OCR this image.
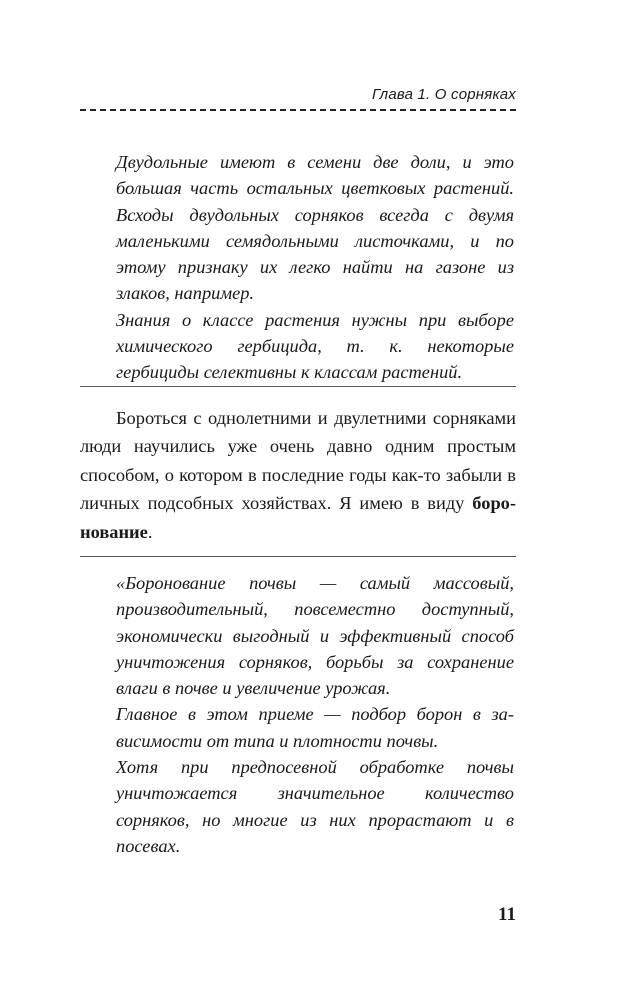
Глава 1. О сорняках

Двудольные имеют в семени две доли, и это большая часть остальных цветковых растений. Всходы двудольных сорняков всегда с двумя маленькими семядольными листочками, и по этому признаку их легко найти на газоне из злаков, например.

Знания о классе растения нужны при выборе химического гербицида, т. к. некоторые гербициды селективны к классам растений.

Бороться с однолетними и двулетними сорняками люди научились уже очень давно одним простым способом, о котором в последние годы как-то забыли в личных подсобных хозяйствах. Я имею в виду боронование.

«Боронование почвы — самый массовый, производительный, повсеместно доступный, экономически выгодный и эффективный способ уничтожения сорняков, борьбы за сохранение влаги в почве и увеличение урожая.

Главное в этом приеме — подбор борон в зависимости от типа и плотности почвы.

Хотя при предпосевной обработке почвы уничтожается значительное количество сорняков, но многие из них прорастают и в посевах.

11
